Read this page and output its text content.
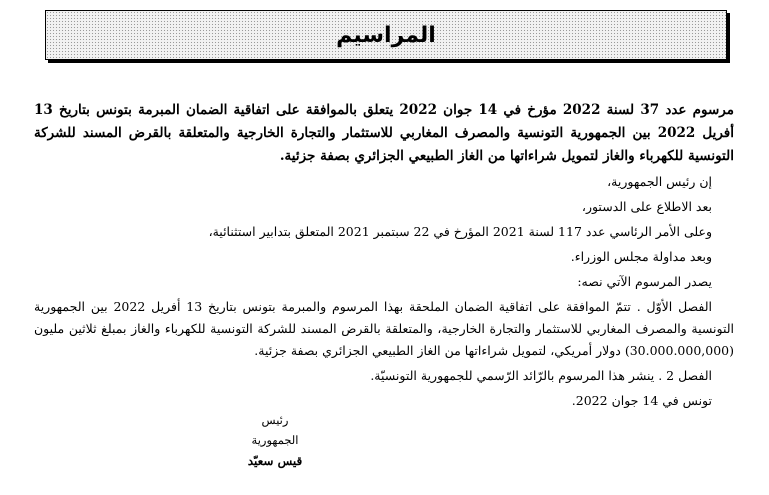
المراسيم

مرسوم عدد 37 لسنة 2022 مؤرخ في 14 جوان 2022 يتعلق بالموافقة على اتفاقية الضمان المبرمة بتونس بتاريخ 13 أفريل 2022 بين الجمهورية التونسية والمصرف المغاربي للاستثمار والتجارة الخارجية والمتعلقة بالقرض المسند للشركة التونسية للكهرباء والغاز لتمويل شراءاتها من الغاز الطبيعي الجزائري بصفة جزئية.

إن رئيس الجمهورية،

بعد الاطلاع على الدستور،

وعلى الأمر الرئاسي عدد 117 لسنة 2021 المؤرخ في 22 سبتمبر 2021 المتعلق بتدابير استثنائية،

وبعد مداولة مجلس الوزراء.

يصدر المرسوم الآتي نصه:

الفصل الأوّل . تتمّ الموافقة على اتفاقية الضمان الملحقة بهذا المرسوم والمبرمة بتونس بتاريخ 13 أفريل 2022 بين الجمهورية التونسية والمصرف المغاربي للاستثمار والتجارة الخارجية، والمتعلقة بالقرض المسند للشركة التونسية للكهرباء والغاز بمبلغ ثلاثين مليون (30.000.000,000) دولار أمريكي، لتمويل شراءاتها من الغاز الطبيعي الجزائري بصفة جزئية.

الفصل 2 . ينشر هذا المرسوم بالرّائد الرّسمي للجمهورية التونسيّة.

تونس في 14 جوان 2022.

رئيس الجمهورية
قيس سعيّد
